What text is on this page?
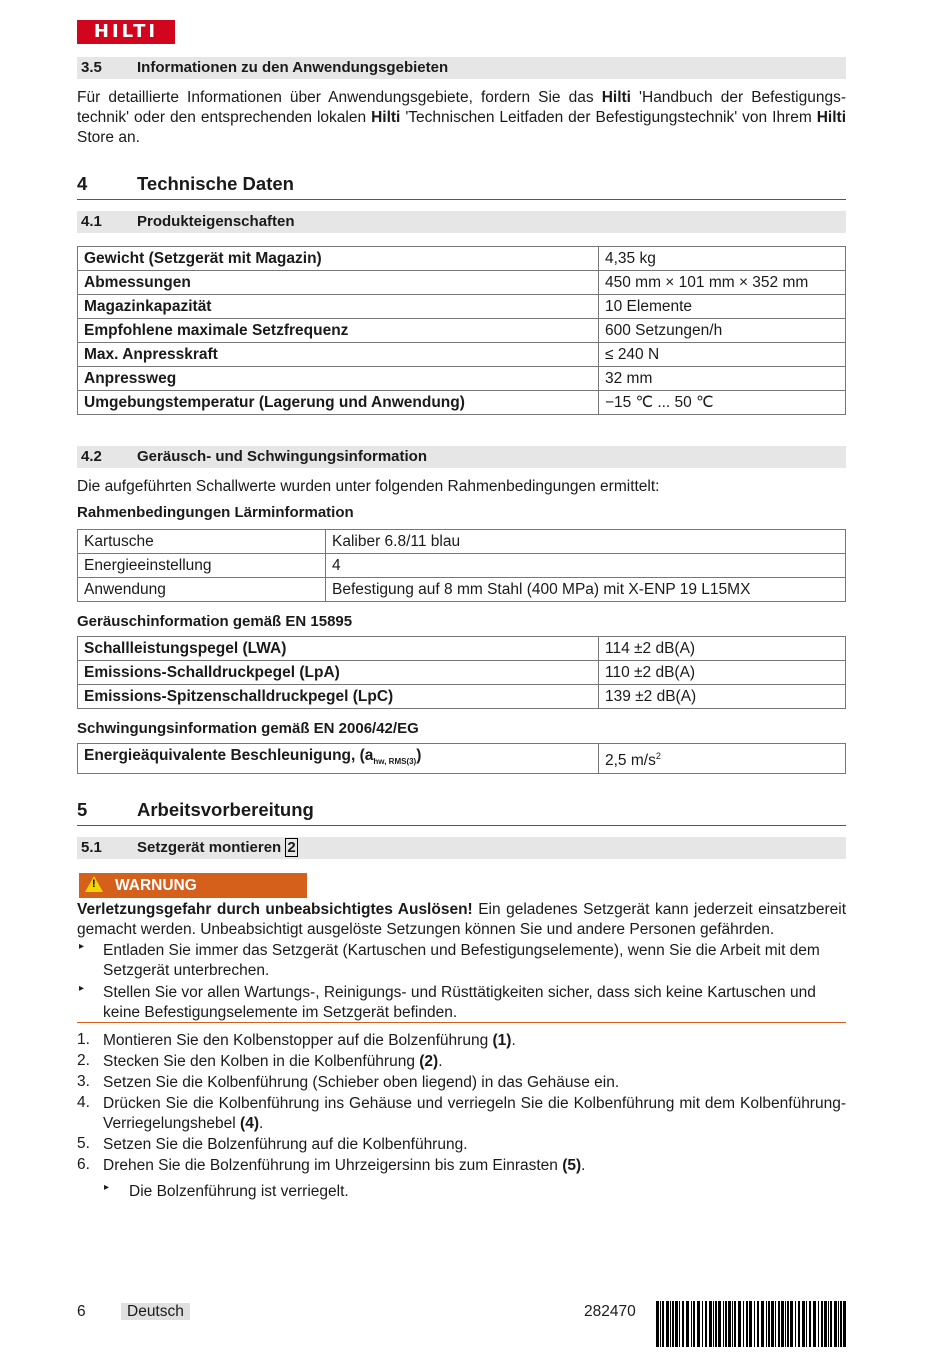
HILTI
3.5 Informationen zu den Anwendungsgebieten

Für detaillierte Informationen über Anwendungsgebiete, fordern Sie das Hilti 'Handbuch der Befestigungstechnik' oder den entsprechenden lokalen Hilti 'Technischen Leitfaden der Befestigungstechnik' von Ihrem Hilti Store an.

4	Technische Daten
4.1 Produkteigenschaften
Gewicht (Setzgerät mit Magazin)	4,35 kg
Abmessungen	450 mm × 101 mm × 352 mm
Magazinkapazität	10 Elemente
Empfohlene maximale Setzfrequenz	600 Setzungen/h
Max. Anpresskraft	≤ 240 N
Anpressweg	32 mm
Umgebungstemperatur (Lagerung und Anwendung)	−15 ℃ ... 50 ℃
4.2 Geräusch- und Schwingungsinformation

Die aufgeführten Schallwerte wurden unter folgenden Rahmenbedingungen ermittelt:

Rahmenbedingungen Lärminformation
Kartusche	Kaliber 6.8/11 blau
Energieeinstellung	4
Anwendung	Befestigung auf 8 mm Stahl (400 MPa) mit X-ENP 19 L15MX
Geräuschinformation gemäß EN 15895
Schallleistungspegel (LWA)	114 ±2 dB(A)
Emissions-Schalldruckpegel (LpA)	110 ±2 dB(A)
Emissions-Spitzenschalldruckpegel (LpC)	139 ±2 dB(A)
Schwingungsinformation gemäß EN 2006/42/EG
Energieäquivalente Beschleunigung, $(a_{hw, RMS(3)})$	2,5 $m/s^2$
5	Arbeitsvorbereitung
5.1 Setzgerät montieren 2
! WARNUNG

Verletzungsgefahr durch unbeabsichtigtes Auslösen! Ein geladenes Setzgerät kann jederzeit einsatzbereit gemacht werden. Unbeabsichtigt ausgelöste Setzungen können Sie und andere Personen gefährden.

▸ Entladen Sie immer das Setzgerät (Kartuschen und Befestigungselemente), wenn Sie die Arbeit mit dem Setzgerät unterbrechen.

▸ Stellen Sie vor allen Wartungs-, Reinigungs- und Rüsttätigkeiten sicher, dass sich keine Kartuschen und keine Befestigungselemente im Setzgerät befinden.

1. Montieren Sie den Kolbenstopper auf die Bolzenführung (1).

2. Stecken Sie den Kolben in die Kolbenführung (2).

3. Setzen Sie die Kolbenführung (Schieber oben liegend) in das Gehäuse ein.

4. Drücken Sie die Kolbenführung ins Gehäuse und verriegeln Sie die Kolbenführung mit dem Kolbenführung-Verriegelungshebel (4).

5. Setzen Sie die Bolzenführung auf die Kolbenführung.

6. Drehen Sie die Bolzenführung im Uhrzeigersinn bis zum Einrasten (5).

▸ Die Bolzenführung ist verriegelt.

6	Deutsch	282470
